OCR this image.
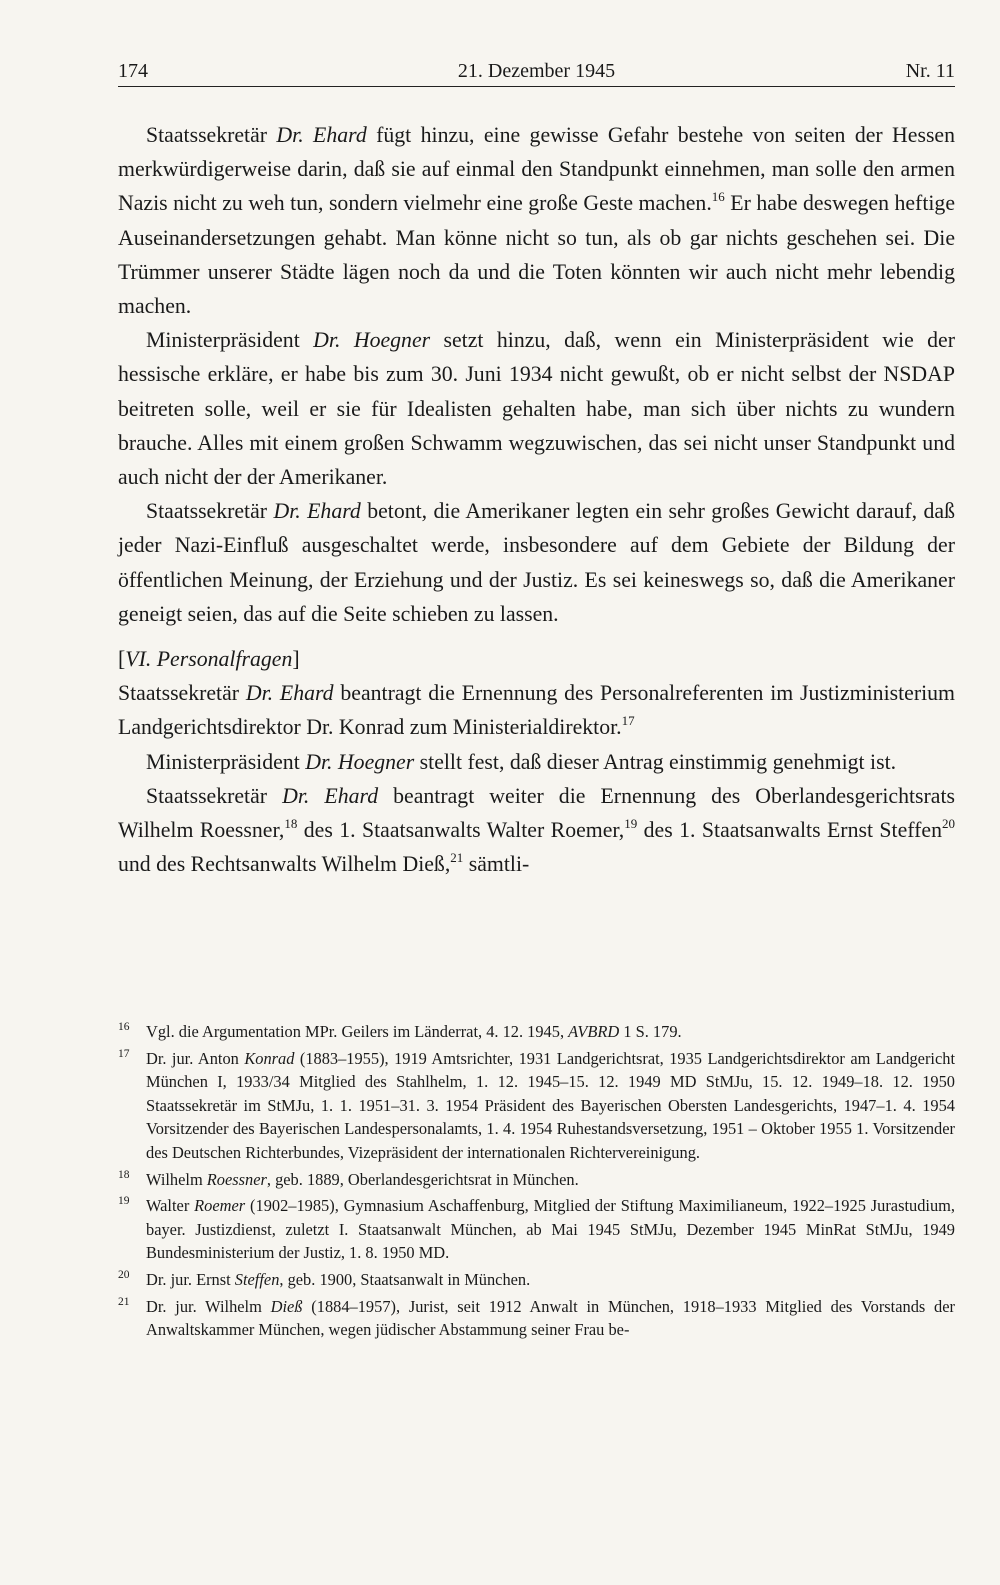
174	21. Dezember 1945	Nr. 11

Staatssekretär Dr. Ehard fügt hinzu, eine gewisse Gefahr bestehe von seiten der Hessen merkwürdigerweise darin, daß sie auf einmal den Standpunkt einnehmen, man solle den armen Nazis nicht zu weh tun, sondern vielmehr eine große Geste machen.$^{16}$ Er habe deswegen heftige Auseinandersetzungen gehabt. Man könne nicht so tun, als ob gar nichts geschehen sei. Die Trümmer unserer Städte lägen noch da und die Toten könnten wir auch nicht mehr lebendig machen.

Ministerpräsident Dr. Hoegner setzt hinzu, daß, wenn ein Ministerpräsident wie der hessische erkläre, er habe bis zum 30. Juni 1934 nicht gewußt, ob er nicht selbst der NSDAP beitreten solle, weil er sie für Idealisten gehalten habe, man sich über nichts zu wundern brauche. Alles mit einem großen Schwamm wegzuwischen, das sei nicht unser Standpunkt und auch nicht der der Amerikaner.

Staatssekretär Dr. Ehard betont, die Amerikaner legten ein sehr großes Gewicht darauf, daß jeder Nazi-Einfluß ausgeschaltet werde, insbesondere auf dem Gebiete der Bildung der öffentlichen Meinung, der Erziehung und der Justiz. Es sei keineswegs so, daß die Amerikaner geneigt seien, das auf die Seite schieben zu lassen.

[VI. Personalfragen]

Staatssekretär Dr. Ehard beantragt die Ernennung des Personalreferenten im Justizministerium Landgerichtsdirektor Dr. Konrad zum Ministerialdirektor.$^{17}$

Ministerpräsident Dr. Hoegner stellt fest, daß dieser Antrag einstimmig genehmigt ist.

Staatssekretär Dr. Ehard beantragt weiter die Ernennung des Oberlandesgerichtsrats Wilhelm Roessner,$^{18}$ des 1. Staatsanwalts Walter Roemer,$^{19}$ des 1. Staatsanwalts Ernst Steffen$^{20}$ und des Rechtsanwalts Wilhelm Dieß,$^{21}$ sämtli-

16 Vgl. die Argumentation MPr. Geilers im Länderrat, 4. 12. 1945, AVBRD 1 S. 179.
17 Dr. jur. Anton Konrad (1883–1955), 1919 Amtsrichter, 1931 Landgerichtsrat, 1935 Landgerichtsdirektor am Landgericht München I, 1933/34 Mitglied des Stahlhelm, 1. 12. 1945–15. 12. 1949 MD StMJu, 15. 12. 1949–18. 12. 1950 Staatssekretär im StMJu, 1. 1. 1951–31. 3. 1954 Präsident des Bayerischen Obersten Landesgerichts, 1947–1. 4. 1954 Vorsitzender des Bayerischen Landespersonalamts, 1. 4. 1954 Ruhestandsversetzung, 1951 – Oktober 1955 1. Vorsitzender des Deutschen Richterbundes, Vizepräsident der internationalen Richtervereinigung.
18 Wilhelm Roessner, geb. 1889, Oberlandesgerichtsrat in München.
19 Walter Roemer (1902–1985), Gymnasium Aschaffenburg, Mitglied der Stiftung Maximilianeum, 1922–1925 Jurastudium, bayer. Justizdienst, zuletzt I. Staatsanwalt München, ab Mai 1945 StMJu, Dezember 1945 MinRat StMJu, 1949 Bundesministerium der Justiz, 1. 8. 1950 MD.
20 Dr. jur. Ernst Steffen, geb. 1900, Staatsanwalt in München.
21 Dr. jur. Wilhelm Dieß (1884–1957), Jurist, seit 1912 Anwalt in München, 1918–1933 Mitglied des Vorstands der Anwaltskammer München, wegen jüdischer Abstammung seiner Frau be-
